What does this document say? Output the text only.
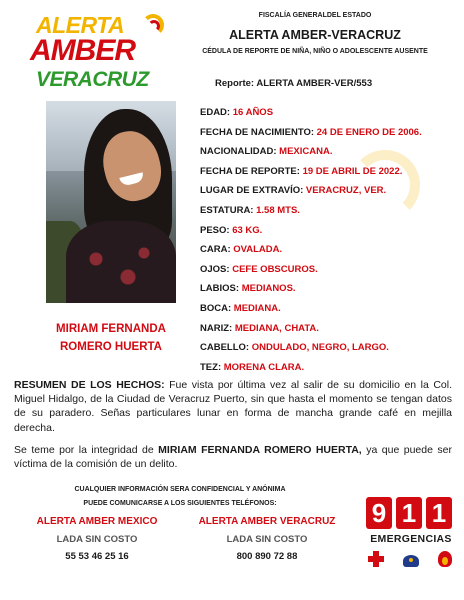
ALERTA
AMBER
VERACRUZ
FISCALÍA GENERALDEL ESTADO
ALERTA AMBER-VERACRUZ
CÉDULA DE REPORTE DE NIÑA, NIÑO O ADOLESCENTE AUSENTE
Reporte: ALERTA AMBER-VER/553
MIRIAM FERNANDA
ROMERO HUERTA
EDAD: 16 AÑOS
FECHA DE NACIMIENTO: 24 DE ENERO DE 2006.
NACIONALIDAD: MEXICANA.
FECHA DE REPORTE: 19 DE ABRIL DE 2022.
LUGAR DE EXTRAVÍO: VERACRUZ, VER.
ESTATURA: 1.58 MTS.
PESO: 63 KG.
CARA: OVALADA.
OJOS: CEFE OBSCUROS.
LABIOS: MEDIANOS.
BOCA: MEDIANA.
NARIZ: MEDIANA, CHATA.
CABELLO: ONDULADO, NEGRO, LARGO.
TEZ: MORENA CLARA.
RESUMEN DE LOS HECHOS: Fue vista por última vez al salir de su domicilio en la Col. Miguel Hidalgo, de la Ciudad de Veracruz Puerto, sin que hasta el momento se tengan datos de su paradero. Señas particulares lunar en forma de mancha grande café en mejilla derecha.
Se teme por la integridad de MIRIAM FERNANDA ROMERO HUERTA, ya que puede ser víctima de la comisión de un delito.
CUALQUIER INFORMACIÓN SERA CONFIDENCIAL Y ANÓNIMA
PUEDE COMUNICARSE A LOS SIGUIENTES TELÉFONOS:
ALERTA AMBER MEXICO
LADA SIN COSTO
55 53 46 25 16
ALERTA AMBER VERACRUZ
LADA SIN COSTO
800 890 72 88
9 1 1
EMERGENCIAS
